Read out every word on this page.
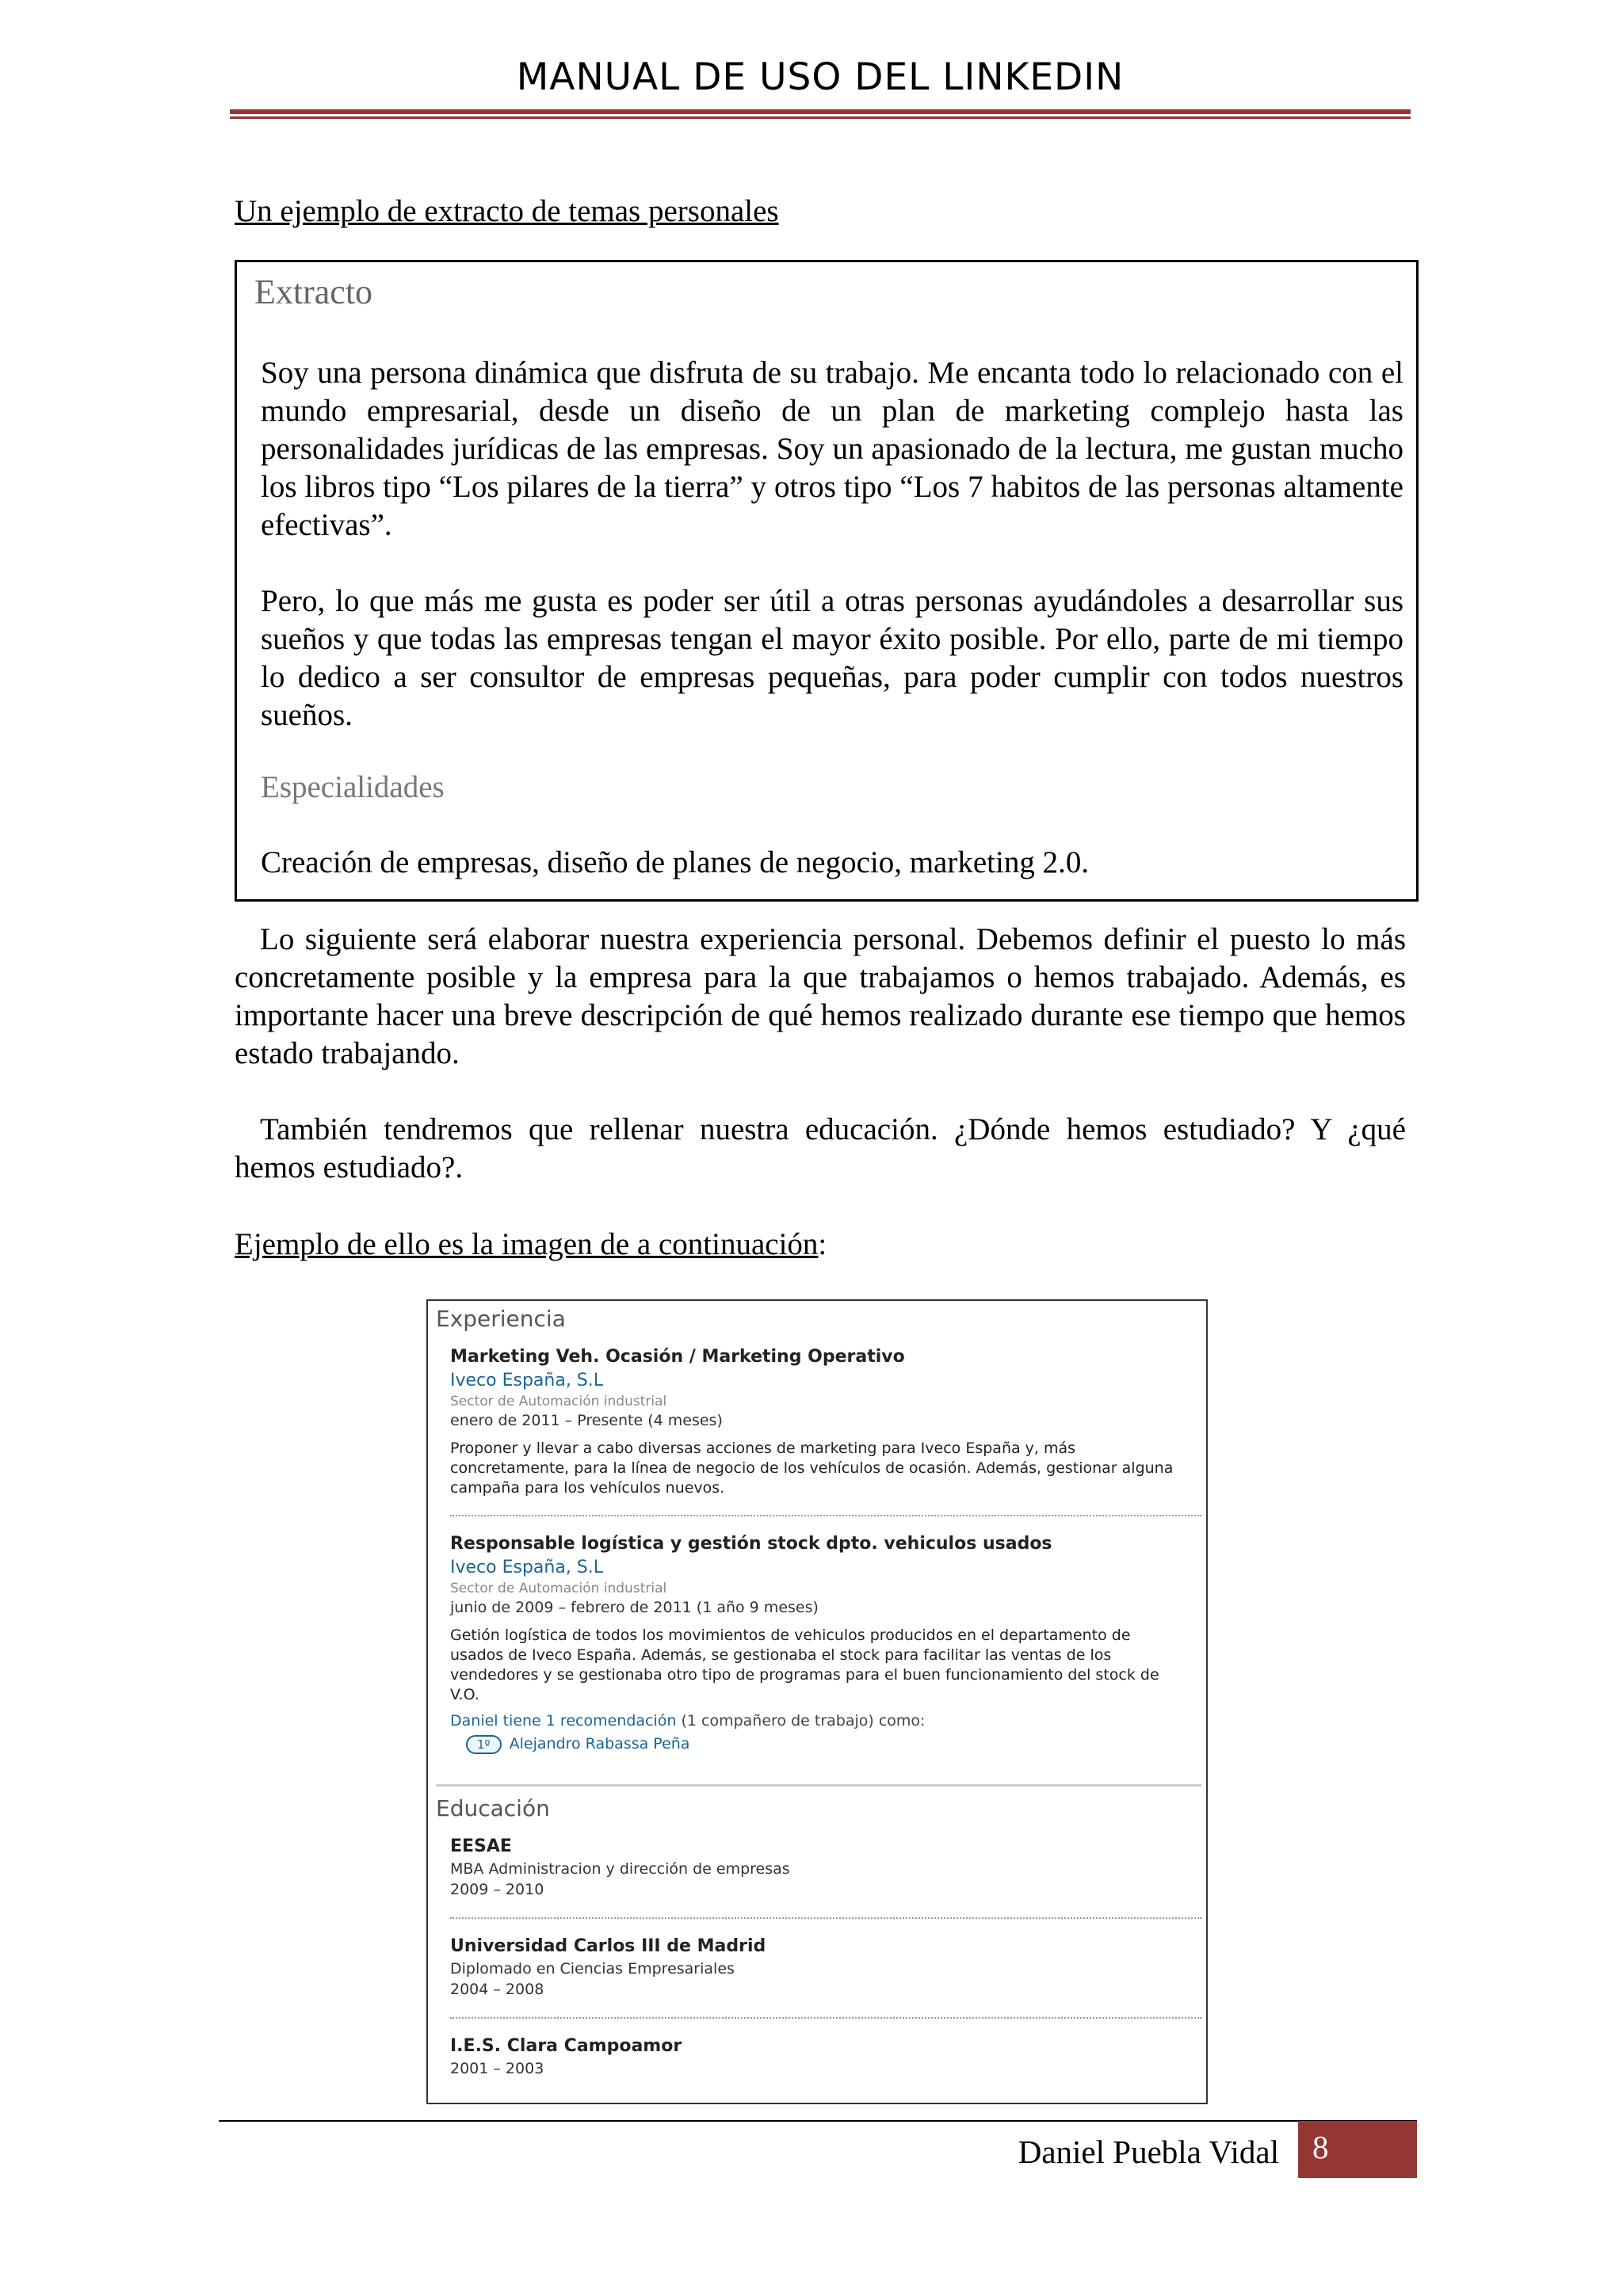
MANUAL DE USO DEL LINKEDIN
Un ejemplo de extracto de temas personales
Extracto

Soy una persona dinámica que disfruta de su trabajo. Me encanta todo lo relacionado con el mundo empresarial, desde un diseño de un plan de marketing complejo hasta las personalidades jurídicas de las empresas. Soy un apasionado de la lectura, me gustan mucho los libros tipo “Los pilares de la tierra” y otros tipo “Los 7 habitos de las personas altamente efectivas”.

Pero, lo que más me gusta es poder ser útil a otras personas ayudándoles a desarrollar sus sueños y que todas las empresas tengan el mayor éxito posible. Por ello, parte de mi tiempo lo dedico a ser consultor de empresas pequeñas, para poder cumplir con todos nuestros sueños.

Especialidades
Creación de empresas, diseño de planes de negocio, marketing 2.0.

Lo siguiente será elaborar nuestra experiencia personal. Debemos definir el puesto lo más concretamente posible y la empresa para la que trabajamos o hemos trabajado. Además, es importante hacer una breve descripción de qué hemos realizado durante ese tiempo que hemos estado trabajando.

También tendremos que rellenar nuestra educación. ¿Dónde hemos estudiado? Y ¿qué hemos estudiado?.

Ejemplo de ello es la imagen de a continuación:
Experiencia
Marketing Veh. Ocasión / Marketing Operativo
Iveco España, S.L
Sector de Automación industrial
enero de 2011 – Presente (4 meses)
Proponer y llevar a cabo diversas acciones de marketing para Iveco España y, más concretamente, para la línea de negocio de los vehículos de ocasión. Además, gestionar alguna campaña para los vehículos nuevos.
Responsable logística y gestión stock dpto. vehiculos usados
Iveco España, S.L
Sector de Automación industrial
junio de 2009 – febrero de 2011 (1 año 9 meses)
Getión logística de todos los movimientos de vehiculos producidos en el departamento de usados de Iveco España. Además, se gestionaba el stock para facilitar las ventas de los vendedores y se gestionaba otro tipo de programas para el buen funcionamiento del stock de V.O.
Daniel tiene 1 recomendación (1 compañero de trabajo) como:
1º Alejandro Rabassa Peña
Educación
EESAE
MBA Administracion y dirección de empresas
2009 – 2010
Universidad Carlos III de Madrid
Diplomado en Ciencias Empresariales
2004 – 2008
I.E.S. Clara Campoamor
2001 – 2003
Daniel Puebla Vidal	8
